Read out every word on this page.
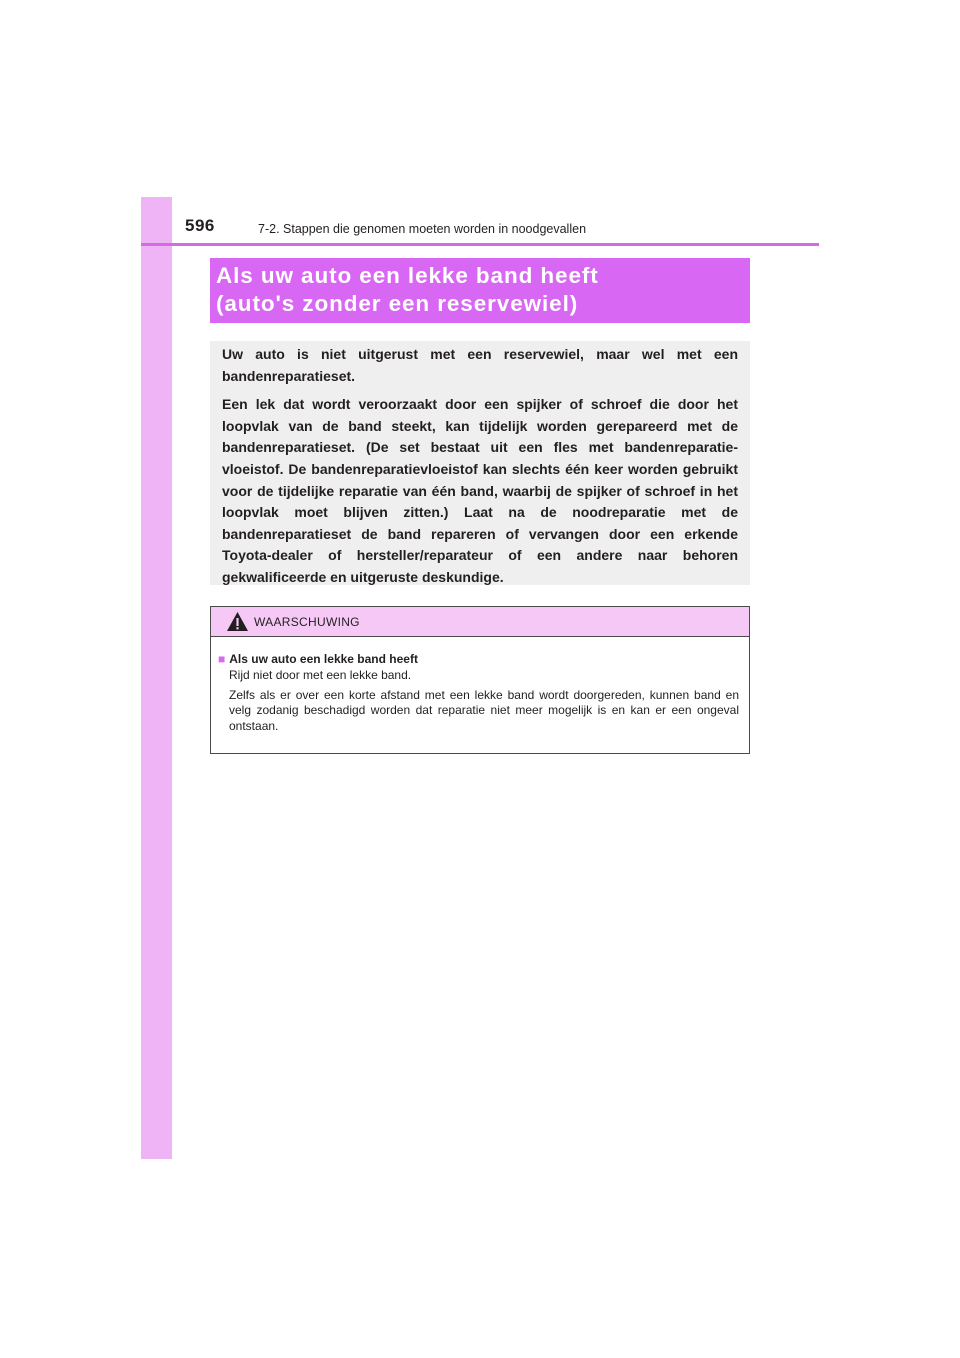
596	7-2. Stappen die genomen moeten worden in noodgevallen
Als uw auto een lekke band heeft
(auto's zonder een reservewiel)

Uw auto is niet uitgerust met een reservewiel, maar wel met een bandenreparatieset.

Een lek dat wordt veroorzaakt door een spijker of schroef die door het loopvlak van de band steekt, kan tijdelijk worden gerepareerd met de bandenreparatieset. (De set bestaat uit een fles met bandenreparatie-vloeistof. De bandenreparatievloeistof kan slechts één keer worden gebruikt voor de tijdelijke reparatie van één band, waarbij de spijker of schroef in het loopvlak moet blijven zitten.) Laat na de noodreparatie met de bandenreparatieset de band repareren of vervangen door een erkende Toyota-dealer of hersteller/reparateur of een andere naar behoren gekwalificeerde en uitgeruste deskundige.

WAARSCHUWING
■ Als uw auto een lekke band heeft
Rijd niet door met een lekke band.
Zelfs als er over een korte afstand met een lekke band wordt doorgereden, kunnen band en velg zodanig beschadigd worden dat reparatie niet meer mogelijk is en kan er een ongeval ontstaan.
